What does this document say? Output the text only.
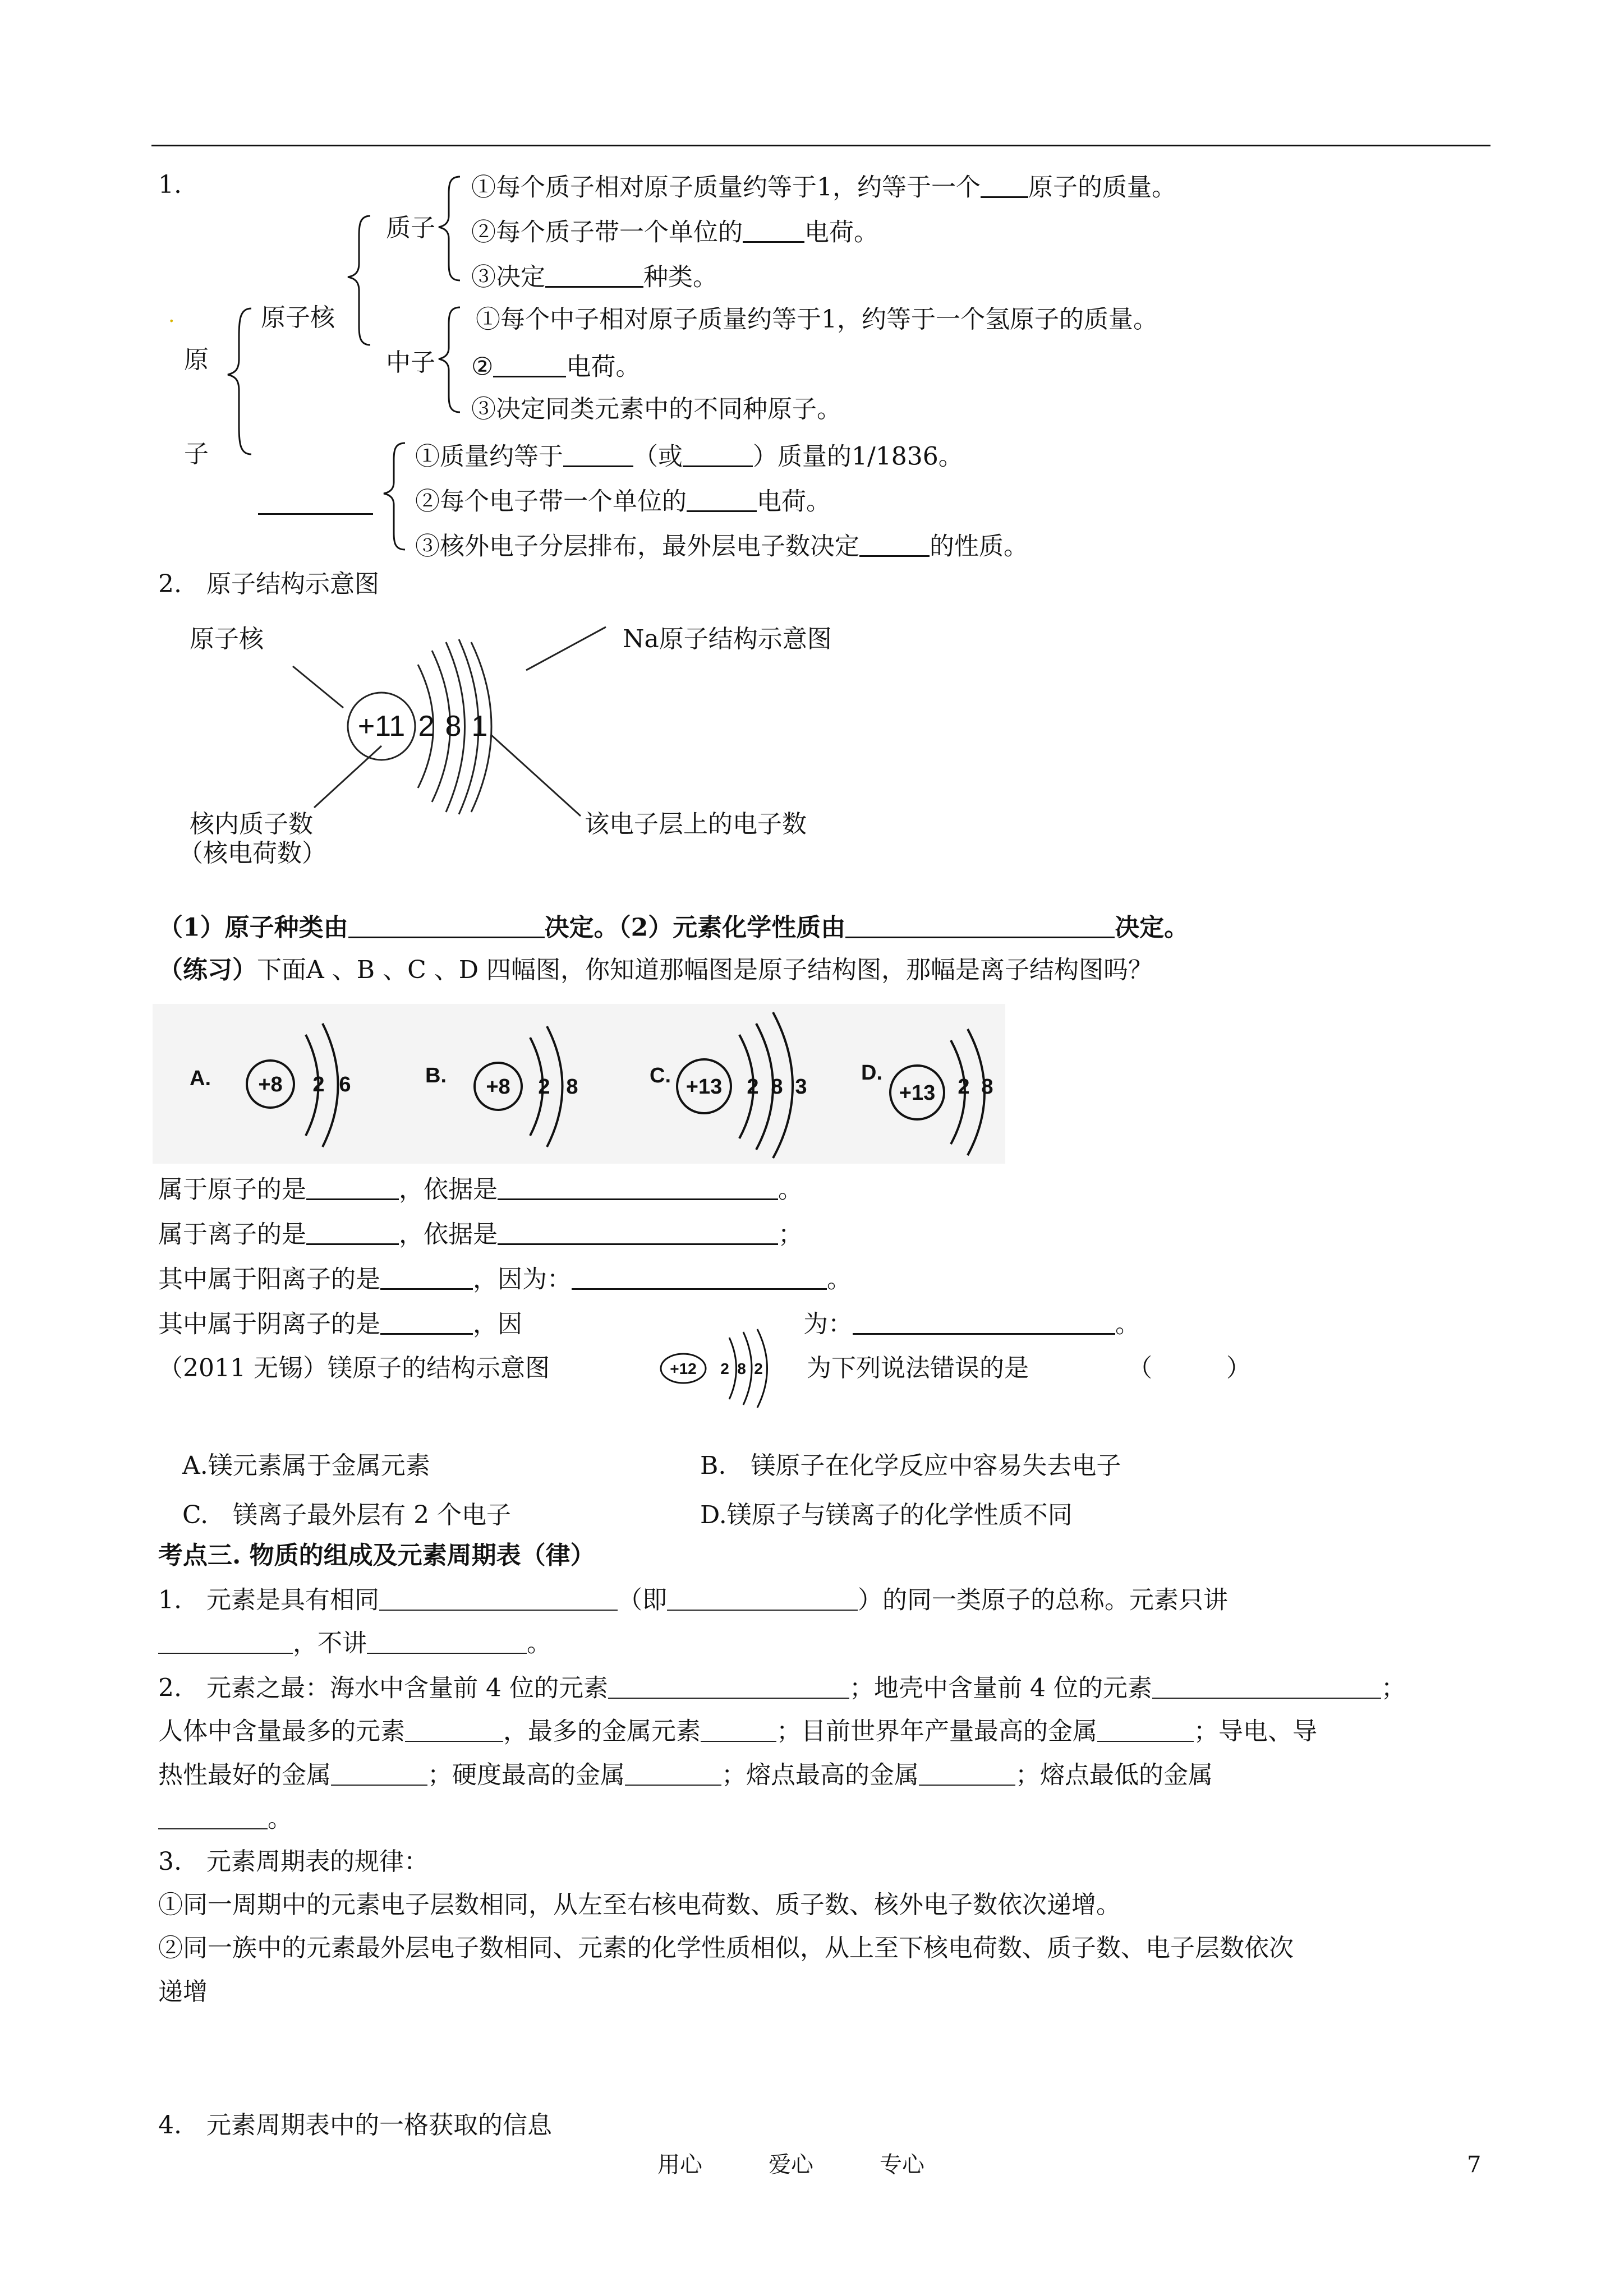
1.
.
原
子
原子核
质子
中子
①每个质子相对原子质量约等于1，约等于一个 原子的质量。
②每个质子带一个单位的	电荷。
③决定	种类。
①每个中子相对原子质量约等于1，约等于一个氢原子的质量。
②	电荷。
③决定同类元素中的不同种原子。
①质量约等于	（或	）质量的1/1836。
②每个电子带一个单位的	电荷。
③核外电子分层排布，最外层电子数决定	的性质。
2.　原子结构示意图
原子核	Na原子结构示意图
核内质子数
（核电荷数）
该电子层上的电子数
+11 2 8 1
（1）原子种类由	决定。（2）元素化学性质由	决定。
（练习）下面A 、B 、C 、D 四幅图，你知道那幅图是原子结构图，那幅是离子结构图吗？
A.	B.	C.	D.
+8 2 6	+8 2 8	+13 2 8 3	+13 2 8
属于原子的是	，依据是	。
属于离子的是	，依据是	；
其中属于阳离子的是	，因为：	。
其中属于阴离子的是	，因	为：	。
（2011 无锡）镁原子的结构示意图	+12 2 8 2 为下列说法错误的是	（　　　）
A.镁元素属于金属元素	B.　镁原子在化学反应中容易失去电子
C.　镁离子最外层有 2 个电子	D.镁原子与镁离子的化学性质不同
考点三. 物质的组成及元素周期表（律）
1.　元素是具有相同	（即	）的同一类原子的总称。元素只讲
，不讲	。
2.　元素之最：海水中含量前 4 位的元素	；地壳中含量前 4 位的元素	；
人体中含量最多的元素	，最多的金属元素	；目前世界年产量最高的金属	；导电、导
热性最好的金属	；硬度最高的金属	；熔点最高的金属	；熔点最低的金属
。
3.　元素周期表的规律：
①同一周期中的元素电子层数相同，从左至右核电荷数、质子数、核外电子数依次递增。
②同一族中的元素最外层电子数相同、元素的化学性质相似，从上至下核电荷数、质子数、电子层数依次
递增
4.　元素周期表中的一格获取的信息
用心	爱心	专心	7
